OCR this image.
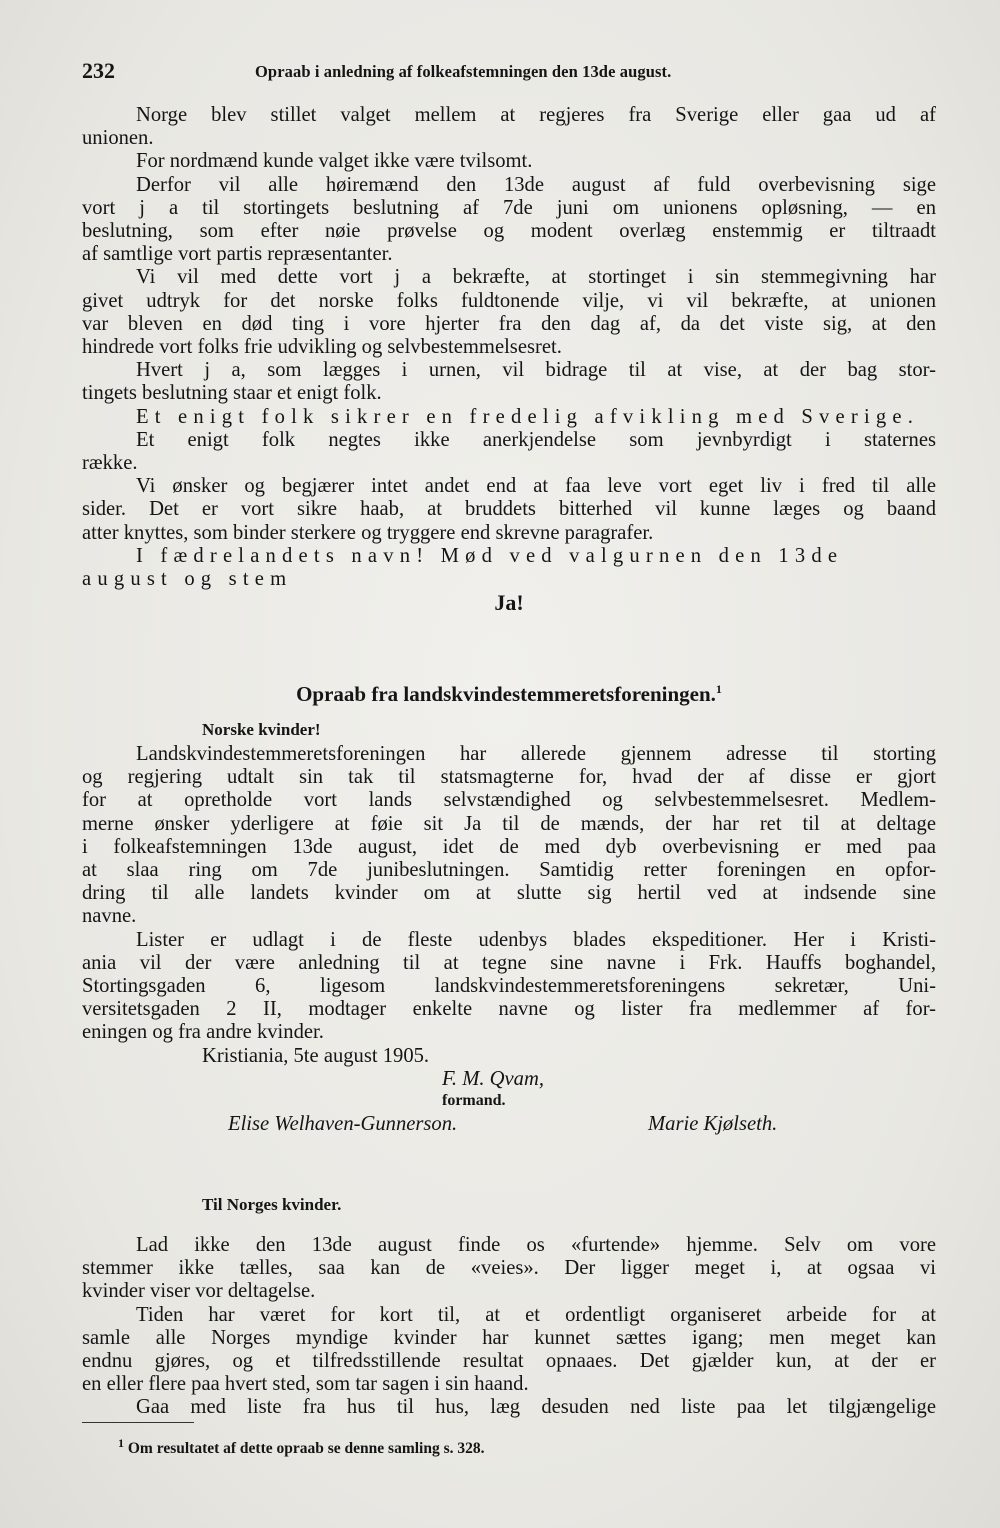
232	Opraab i anledning af folkeafstemningen den 13de august.
Norge blev stillet valget mellem at regjeres fra Sverige eller gaa ud af
unionen.
For nordmænd kunde valget ikke være tvilsomt.
Derfor vil alle høiremænd den 13de august af fuld overbevisning sige
vort j a til stortingets beslutning af 7de juni om unionens opløsning, — en
beslutning, som efter nøie prøvelse og modent overlæg enstemmig er tiltraadt
af samtlige vort partis repræsentanter.
Vi vil med dette vort j a bekræfte, at stortinget i sin stemmegivning har
givet udtryk for det norske folks fuldtonende vilje, vi vil bekræfte, at unionen
var bleven en død ting i vore hjerter fra den dag af, da det viste sig, at den
hindrede vort folks frie udvikling og selvbestemmelsesret.
Hvert j a, som lægges i urnen, vil bidrage til at vise, at der bag stor-
tingets beslutning staar et enigt folk.
Et enigt folk sikrer en fredelig afvikling med Sverige.
Et enigt folk negtes ikke anerkjendelse som jevnbyrdigt i staternes
række.
Vi ønsker og begjærer intet andet end at faa leve vort eget liv i fred til alle
sider. Det er vort sikre haab, at bruddets bitterhed vil kunne læges og baand
atter knyttes, som binder sterkere og tryggere end skrevne paragrafer.
I fædrelandets navn! Mød ved valgurnen den 13de
august og stem
Ja!
Opraab fra landskvindestemmeretsforeningen.$^1$
Norske kvinder!
Landskvindestemmeretsforeningen har allerede gjennem adresse til storting
og regjering udtalt sin tak til statsmagterne for, hvad der af disse er gjort
for at opretholde vort lands selvstændighed og selvbestemmelsesret. Medlem-
merne ønsker yderligere at føie sit Ja til de mænds, der har ret til at deltage
i folkeafstemningen 13de august, idet de med dyb overbevisning er med paa
at slaa ring om 7de junibeslutningen. Samtidig retter foreningen en opfor-
dring til alle landets kvinder om at slutte sig hertil ved at indsende sine
navne.
Lister er udlagt i de fleste udenbys blades ekspeditioner. Her i Kristi-
ania vil der være anledning til at tegne sine navne i Frk. Hauffs boghandel,
Stortingsgaden 6, ligesom landskvindestemmeretsforeningens sekretær, Uni-
versitetsgaden 2 II, modtager enkelte navne og lister fra medlemmer af for-
eningen og fra andre kvinder.
Kristiania, 5te august 1905.
F. M. Qvam,
formand.
Elise Welhaven-Gunnerson.	Marie Kjølseth.
Til Norges kvinder.
Lad ikke den 13de august finde os «furtende» hjemme. Selv om vore
stemmer ikke tælles, saa kan de «veies». Der ligger meget i, at ogsaa vi
kvinder viser vor deltagelse.
Tiden har været for kort til, at et ordentligt organiseret arbeide for at
samle alle Norges myndige kvinder har kunnet sættes igang; men meget kan
endnu gjøres, og et tilfredsstillende resultat opnaaes. Det gjælder kun, at der er
en eller flere paa hvert sted, som tar sagen i sin haand.
Gaa med liste fra hus til hus, læg desuden ned liste paa let tilgjængelige
$^1$ Om resultatet af dette opraab se denne samling s. 328.
